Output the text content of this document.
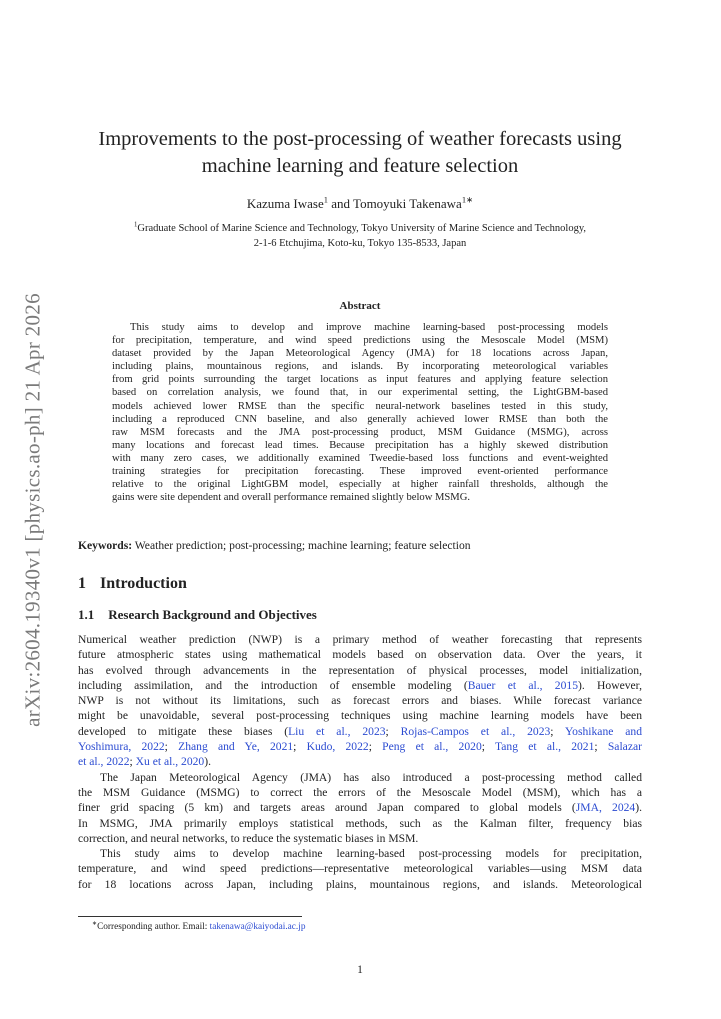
arXiv:2604.19340v1 [physics.ao-ph] 21 Apr 2026
Improvements to the post-processing of weather forecasts using
machine learning and feature selection
Kazuma Iwase$^1$ and Tomoyuki Takenawa$^{1∗}$
$^1$Graduate School of Marine Science and Technology, Tokyo University of Marine Science and Technology,
2-1-6 Etchujima, Koto-ku, Tokyo 135-8533, Japan
Abstract
This study aims to develop and improve machine learning-based post-processing models
for precipitation, temperature, and wind speed predictions using the Mesoscale Model (MSM)
dataset provided by the Japan Meteorological Agency (JMA) for 18 locations across Japan,
including plains, mountainous regions, and islands. By incorporating meteorological variables
from grid points surrounding the target locations as input features and applying feature selection
based on correlation analysis, we found that, in our experimental setting, the LightGBM-based
models achieved lower RMSE than the specific neural-network baselines tested in this study,
including a reproduced CNN baseline, and also generally achieved lower RMSE than both the
raw MSM forecasts and the JMA post-processing product, MSM Guidance (MSMG), across
many locations and forecast lead times. Because precipitation has a highly skewed distribution
with many zero cases, we additionally examined Tweedie-based loss functions and event-weighted
training strategies for precipitation forecasting. These improved event-oriented performance
relative to the original LightGBM model, especially at higher rainfall thresholds, although the
gains were site dependent and overall performance remained slightly below MSMG.
Keywords: Weather prediction; post-processing; machine learning; feature selection
1 Introduction
1.1 Research Background and Objectives
Numerical weather prediction (NWP) is a primary method of weather forecasting that represents
future atmospheric states using mathematical models based on observation data. Over the years, it
has evolved through advancements in the representation of physical processes, model initialization,
including assimilation, and the introduction of ensemble modeling (Bauer et al., 2015). However,
NWP is not without its limitations, such as forecast errors and biases. While forecast variance
might be unavoidable, several post-processing techniques using machine learning models have been
developed to mitigate these biases (Liu et al., 2023; Rojas-Campos et al., 2023; Yoshikane and
Yoshimura, 2022; Zhang and Ye, 2021; Kudo, 2022; Peng et al., 2020; Tang et al., 2021; Salazar
et al., 2022; Xu et al., 2020).
The Japan Meteorological Agency (JMA) has also introduced a post-processing method called
the MSM Guidance (MSMG) to correct the errors of the Mesoscale Model (MSM), which has a
finer grid spacing (5 km) and targets areas around Japan compared to global models (JMA, 2024).
In MSMG, JMA primarily employs statistical methods, such as the Kalman filter, frequency bias
correction, and neural networks, to reduce the systematic biases in MSM.
This study aims to develop machine learning-based post-processing models for precipitation,
temperature, and wind speed predictions—representative meteorological variables—using MSM data
for 18 locations across Japan, including plains, mountainous regions, and islands. Meteorological
∗Corresponding author. Email: takenawa@kaiyodai.ac.jp
1
